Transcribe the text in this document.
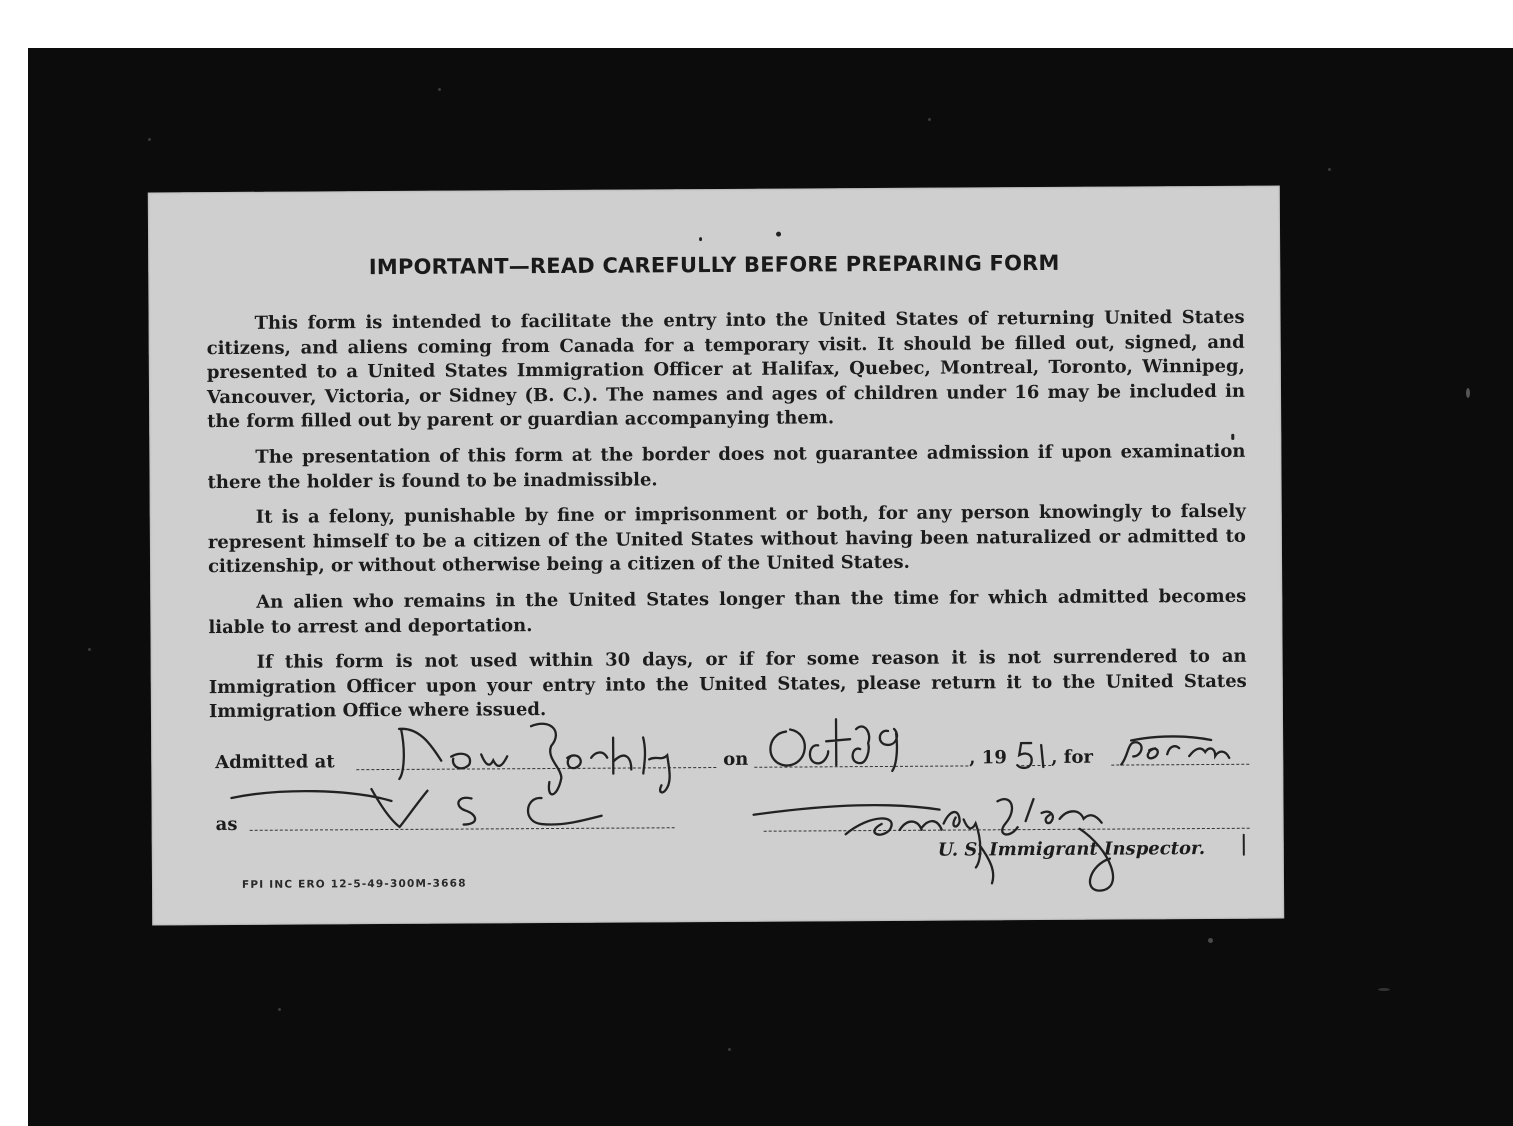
IMPORTANT—READ CAREFULLY BEFORE PREPARING FORM
This form is intended to facilitate the entry into the United States of returning United States citizens, and aliens coming from Canada for a temporary visit. It should be filled out, signed, and presented to a United States Immigration Officer at Halifax, Quebec, Montreal, Toronto, Winnipeg, Vancouver, Victoria, or Sidney (B. C.). The names and ages of children under 16 may be included in the form filled out by parent or guardian accompanying them.
The presentation of this form at the border does not guarantee admission if upon examination there the holder is found to be inadmissible.
It is a felony, punishable by fine or imprisonment or both, for any person knowingly to falsely represent himself to be a citizen of the United States without having been naturalized or admitted to citizenship, or without otherwise being a citizen of the United States.
An alien who remains in the United States longer than the time for which admitted becomes liable to arrest and deportation.
If this form is not used within 30 days, or if for some reason it is not surrendered to an Immigration Officer upon your entry into the United States, please return it to the United States Immigration Office where issued.
Admitted at	on	, 19 , for
as
U. S. Immigrant Inspector.
FPI INC ERO 12-5-49-300M-3668
